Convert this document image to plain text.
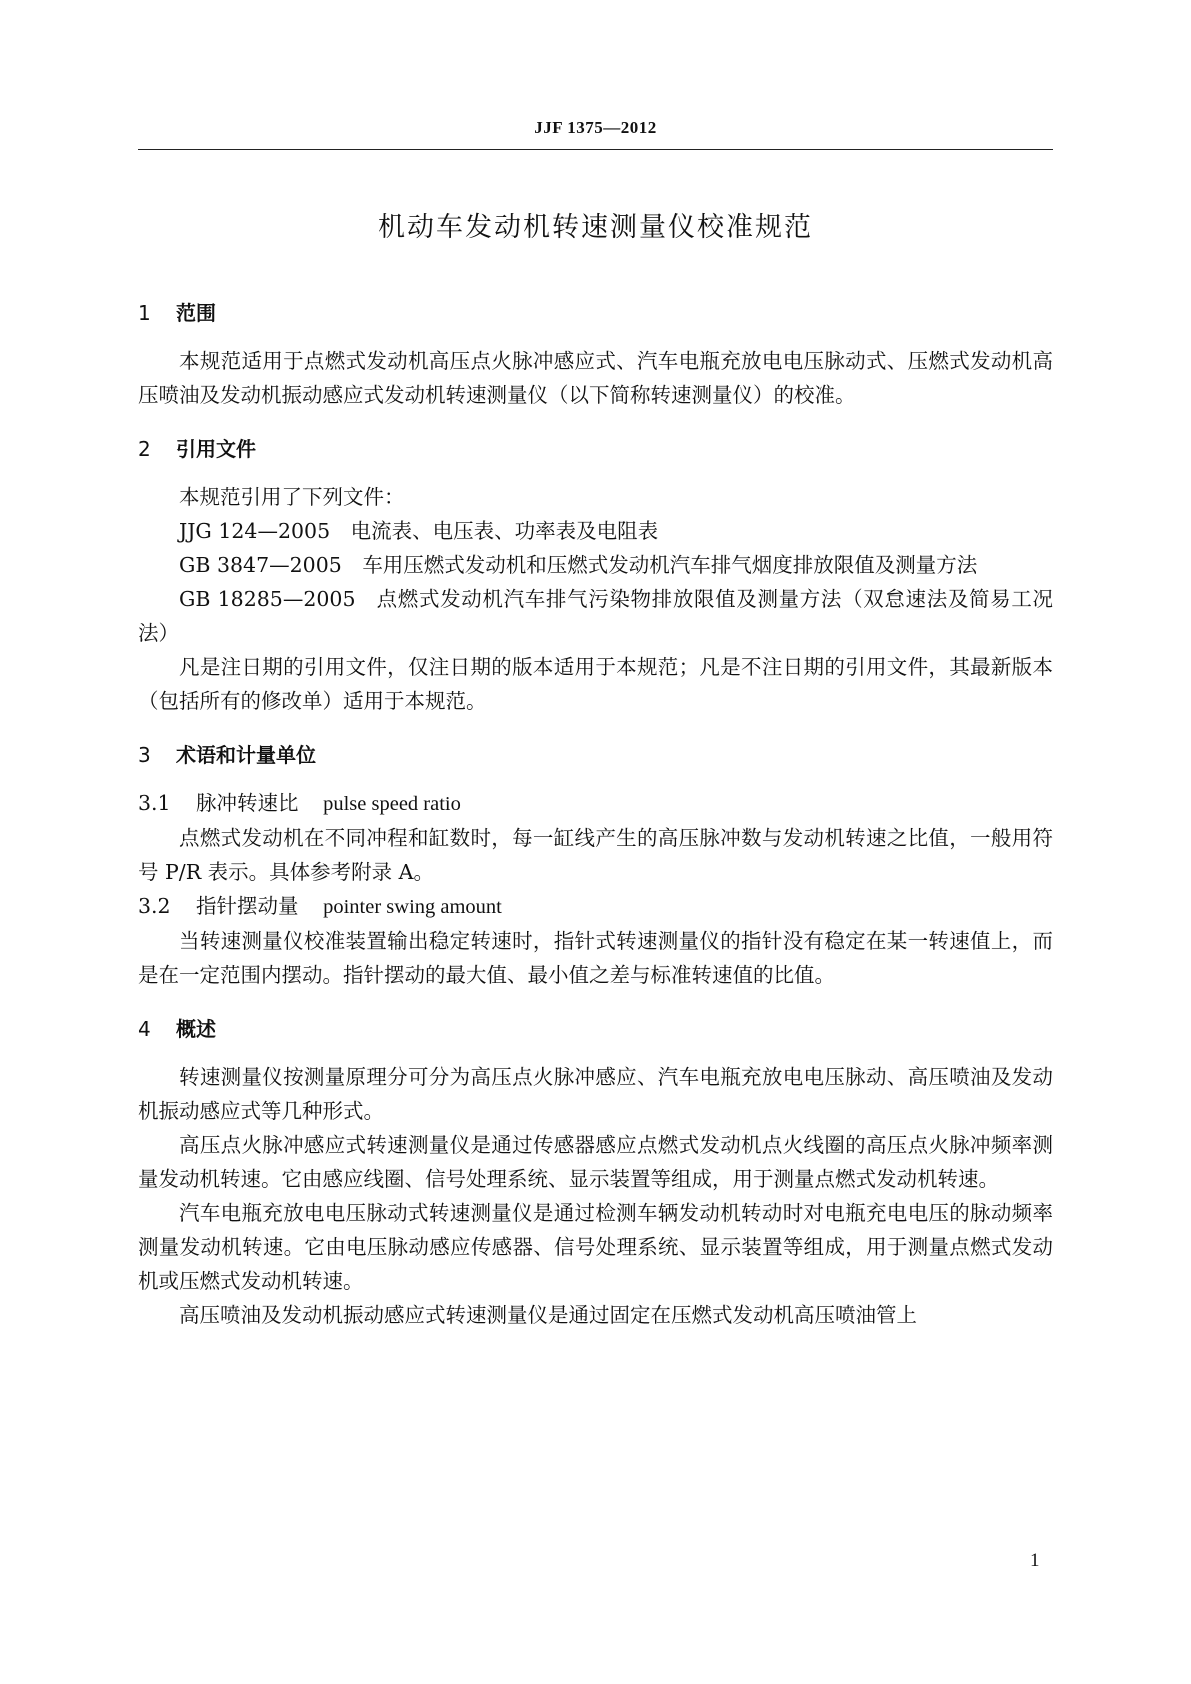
JJF 1375—2012
机动车发动机转速测量仪校准规范

1 范围

本规范适用于点燃式发动机高压点火脉冲感应式、汽车电瓶充放电电压脉动式、压燃式发动机高压喷油及发动机振动感应式发动机转速测量仪（以下简称转速测量仪）的校准。

2 引用文件

本规范引用了下列文件：

JJG 124—2005 电流表、电压表、功率表及电阻表

GB 3847—2005 车用压燃式发动机和压燃式发动机汽车排气烟度排放限值及测量方法

GB 18285—2005 点燃式发动机汽车排气污染物排放限值及测量方法（双怠速法及简易工况法）

凡是注日期的引用文件，仅注日期的版本适用于本规范；凡是不注日期的引用文件，其最新版本（包括所有的修改单）适用于本规范。

3 术语和计量单位

3.1 脉冲转速比 pulse speed ratio

点燃式发动机在不同冲程和缸数时，每一缸线产生的高压脉冲数与发动机转速之比值，一般用符号 P/R 表示。具体参考附录 A。

3.2 指针摆动量 pointer swing amount

当转速测量仪校准装置输出稳定转速时，指针式转速测量仪的指针没有稳定在某一转速值上，而是在一定范围内摆动。指针摆动的最大值、最小值之差与标准转速值的比值。

4 概述

转速测量仪按测量原理分可分为高压点火脉冲感应、汽车电瓶充放电电压脉动、高压喷油及发动机振动感应式等几种形式。

高压点火脉冲感应式转速测量仪是通过传感器感应点燃式发动机点火线圈的高压点火脉冲频率测量发动机转速。它由感应线圈、信号处理系统、显示装置等组成，用于测量点燃式发动机转速。

汽车电瓶充放电电压脉动式转速测量仪是通过检测车辆发动机转动时对电瓶充电电压的脉动频率测量发动机转速。它由电压脉动感应传感器、信号处理系统、显示装置等组成，用于测量点燃式发动机或压燃式发动机转速。

高压喷油及发动机振动感应式转速测量仪是通过固定在压燃式发动机高压喷油管上

1
